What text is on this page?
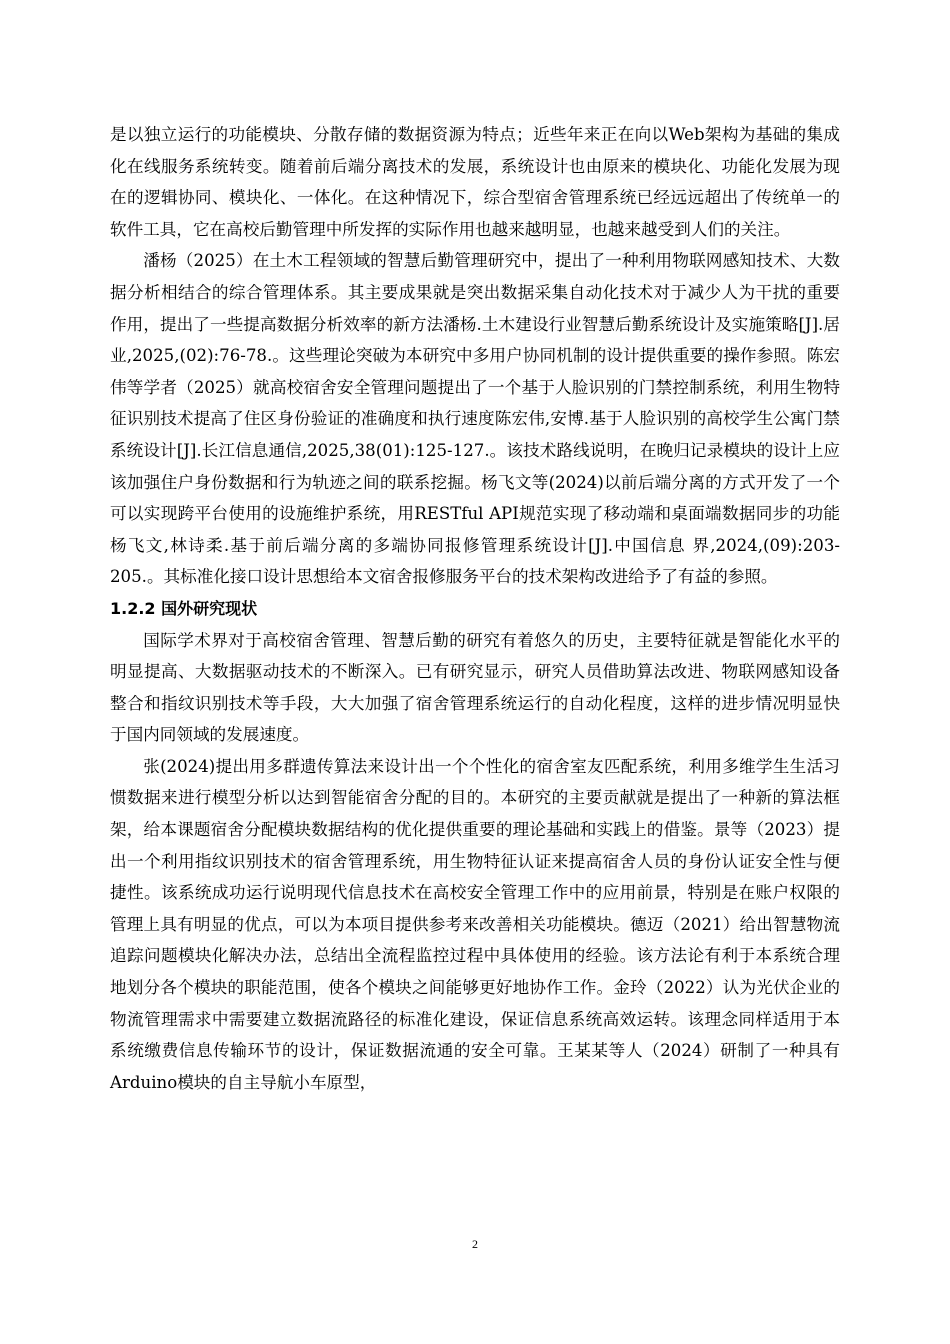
是以独立运行的功能模块、分散存储的数据资源为特点；近些年来正在向以Web架构为基础的集成化在线服务系统转变。随着前后端分离技术的发展，系统设计也由原来的模块化、功能化发展为现在的逻辑协同、模块化、一体化。在这种情况下，综合型宿舍管理系统已经远远超出了传统单一的软件工具，它在高校后勤管理中所发挥的实际作用也越来越明显，也越来越受到人们的关注。

潘杨（2025）在土木工程领域的智慧后勤管理研究中，提出了一种利用物联网感知技术、大数据分析相结合的综合管理体系。其主要成果就是突出数据采集自动化技术对于减少人为干扰的重要作用，提出了一些提高数据分析效率的新方法潘杨.土木建设行业智慧后勤系统设计及实施策略[J].居业,2025,(02):76-78.。这些理论突破为本研究中多用户协同机制的设计提供重要的操作参照。陈宏伟等学者（2025）就高校宿舍安全管理问题提出了一个基于人脸识别的门禁控制系统，利用生物特征识别技术提高了住区身份验证的准确度和执行速度陈宏伟,安博.基于人脸识别的高校学生公寓门禁系统设计[J].长江信息通信,2025,38(01):125-127.。该技术路线说明，在晚归记录模块的设计上应该加强住户身份数据和行为轨迹之间的联系挖掘。杨飞文等(2024)以前后端分离的方式开发了一个可以实现跨平台使用的设施维护系统，用RESTful API规范实现了移动端和桌面端数据同步的功能杨飞文,林诗柔.基于前后端分离的多端协同报修管理系统设计[J].中国信息 界,2024,(09):203-205.。其标准化接口设计思想给本文宿舍报修服务平台的技术架构改进给予了有益的参照。

1.2.2 国外研究现状

国际学术界对于高校宿舍管理、智慧后勤的研究有着悠久的历史，主要特征就是智能化水平的明显提高、大数据驱动技术的不断深入。已有研究显示，研究人员借助算法改进、物联网感知设备整合和指纹识别技术等手段，大大加强了宿舍管理系统运行的自动化程度，这样的进步情况明显快于国内同领域的发展速度。

张(2024)提出用多群遗传算法来设计出一个个性化的宿舍室友匹配系统，利用多维学生生活习惯数据来进行模型分析以达到智能宿舍分配的目的。本研究的主要贡献就是提出了一种新的算法框架，给本课题宿舍分配模块数据结构的优化提供重要的理论基础和实践上的借鉴。景等（2023）提出一个利用指纹识别技术的宿舍管理系统，用生物特征认证来提高宿舍人员的身份认证安全性与便捷性。该系统成功运行说明现代信息技术在高校安全管理工作中的应用前景，特别是在账户权限的管理上具有明显的优点，可以为本项目提供参考来改善相关功能模块。德迈（2021）给出智慧物流追踪问题模块化解决办法，总结出全流程监控过程中具体使用的经验。该方法论有利于本系统合理地划分各个模块的职能范围，使各个模块之间能够更好地协作工作。金玲（2022）认为光伏企业的物流管理需求中需要建立数据流路径的标准化建设，保证信息系统高效运转。该理念同样适用于本系统缴费信息传输环节的设计，保证数据流通的安全可靠。王某某等人（2024）研制了一种具有Arduino模块的自主导航小车原型，

2
